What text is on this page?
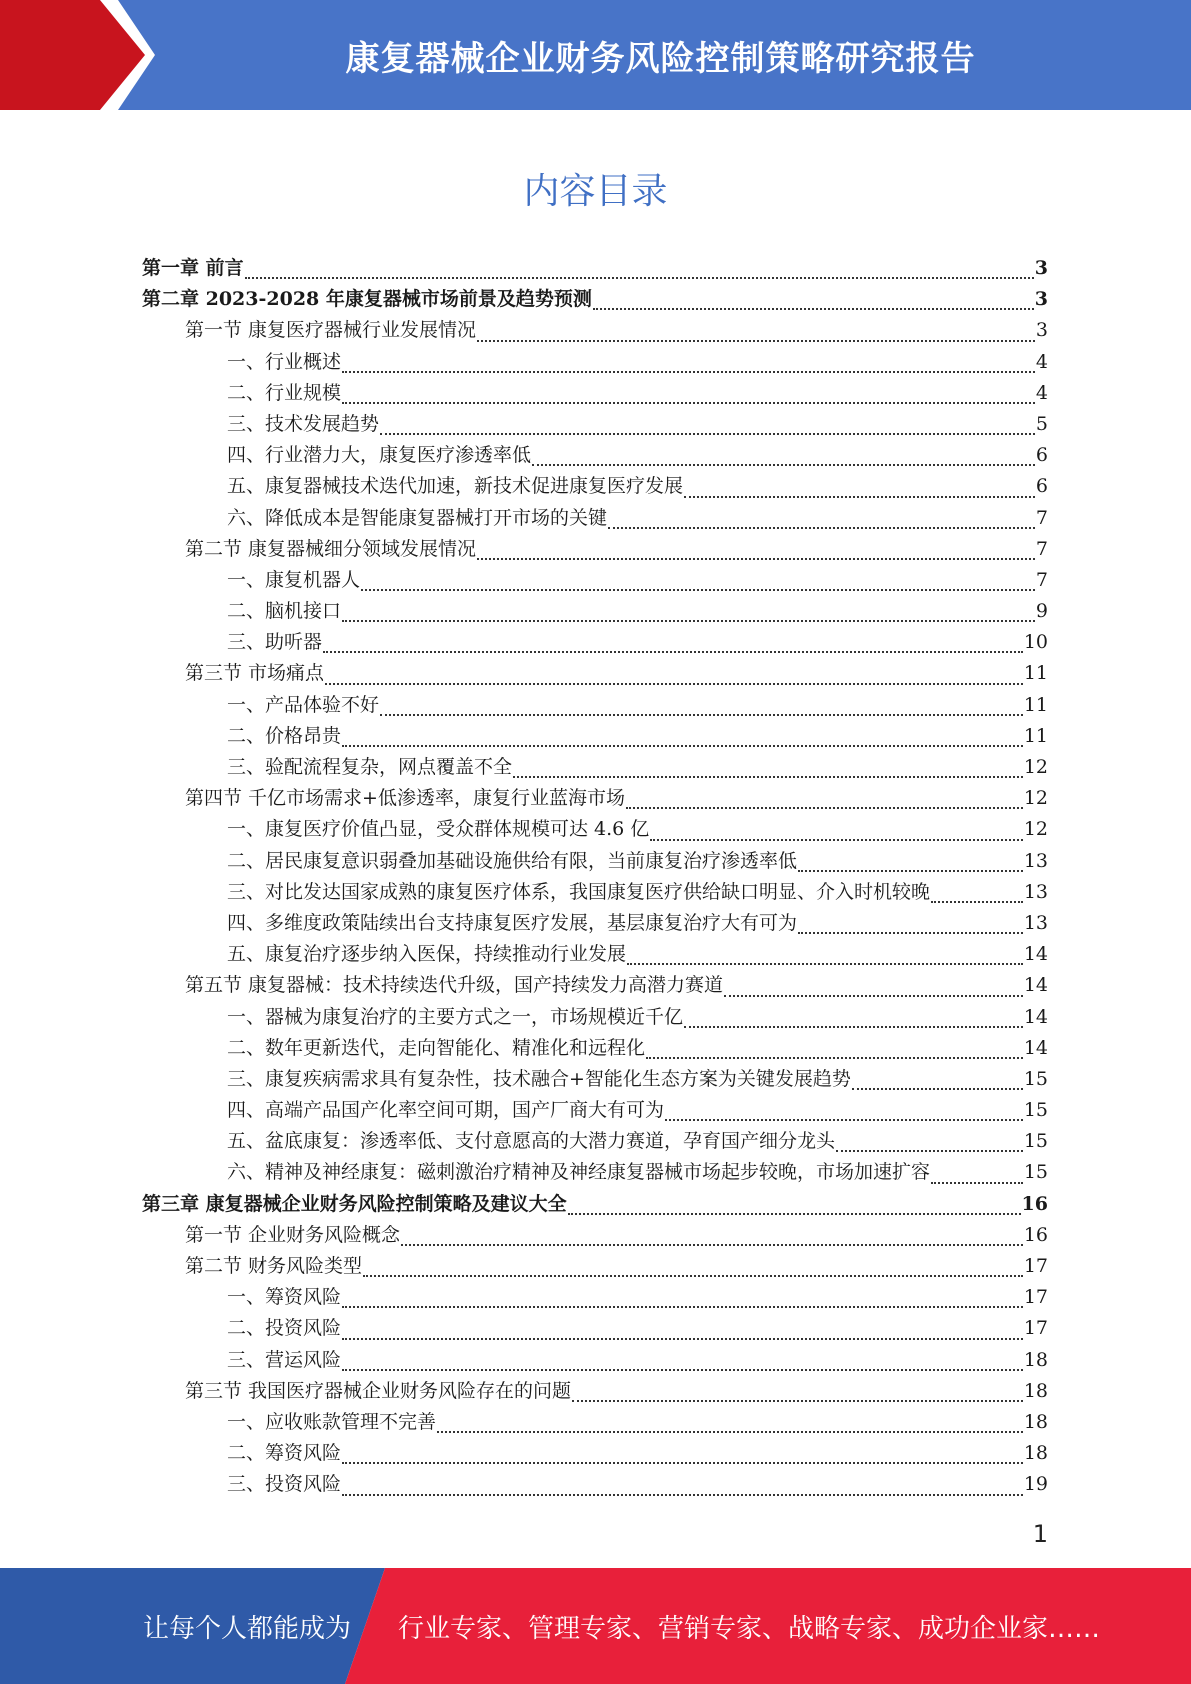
康复器械企业财务风险控制策略研究报告
内容目录
第一章 前言	3
第二章 2023-2028 年康复器械市场前景及趋势预测	3
第一节 康复医疗器械行业发展情况	3
一、行业概述	4
二、行业规模	4
三、技术发展趋势	5
四、行业潜力大，康复医疗渗透率低	6
五、康复器械技术迭代加速，新技术促进康复医疗发展	6
六、降低成本是智能康复器械打开市场的关键	7
第二节 康复器械细分领域发展情况	7
一、康复机器人	7
二、脑机接口	9
三、助听器	10
第三节 市场痛点	11
一、产品体验不好	11
二、价格昂贵	11
三、验配流程复杂，网点覆盖不全	12
第四节 千亿市场需求+低渗透率，康复行业蓝海市场	12
一、康复医疗价值凸显，受众群体规模可达 4.6 亿	12
二、居民康复意识弱叠加基础设施供给有限，当前康复治疗渗透率低	13
三、对比发达国家成熟的康复医疗体系，我国康复医疗供给缺口明显、介入时机较晚	13
四、多维度政策陆续出台支持康复医疗发展，基层康复治疗大有可为	13
五、康复治疗逐步纳入医保，持续推动行业发展	14
第五节 康复器械：技术持续迭代升级，国产持续发力高潜力赛道	14
一、器械为康复治疗的主要方式之一，市场规模近千亿	14
二、数年更新迭代，走向智能化、精准化和远程化	14
三、康复疾病需求具有复杂性，技术融合+智能化生态方案为关键发展趋势	15
四、高端产品国产化率空间可期，国产厂商大有可为	15
五、盆底康复：渗透率低、支付意愿高的大潜力赛道，孕育国产细分龙头	15
六、精神及神经康复：磁刺激治疗精神及神经康复器械市场起步较晚，市场加速扩容	15
第三章 康复器械企业财务风险控制策略及建议大全	16
第一节 企业财务风险概念	16
第二节 财务风险类型	17
一、筹资风险	17
二、投资风险	17
三、营运风险	18
第三节 我国医疗器械企业财务风险存在的问题	18
一、应收账款管理不完善	18
二、筹资风险	18
三、投资风险	19
1
让每个人都能成为 行业专家、管理专家、营销专家、战略专家、成功企业家……
